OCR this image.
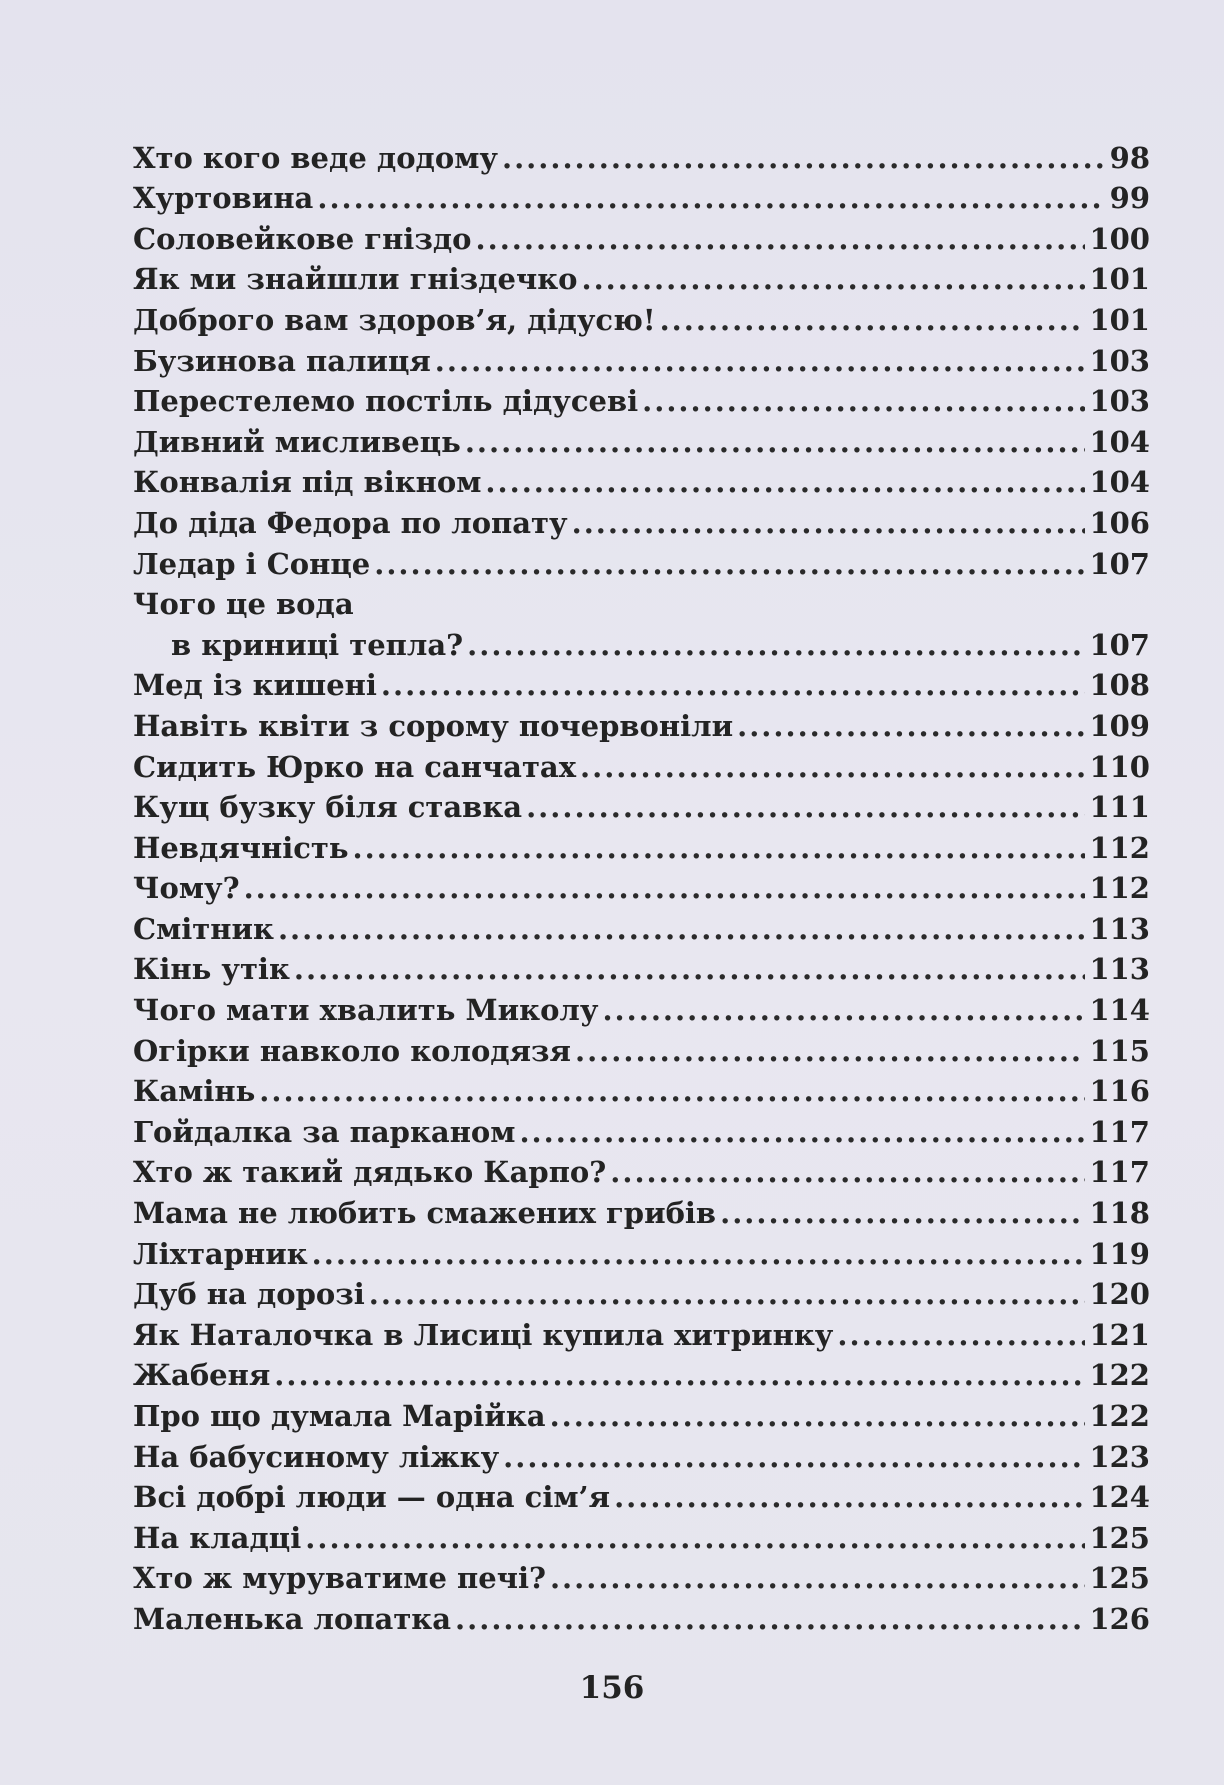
Хто кого веде додому .....	98
Хуртовина .....	99
Соловейкове гніздо .....	100
Як ми знайшли гніздечко .....	101
Доброго вам здоров’я, дідусю! .....	101
Бузинова палиця .....	103
Перестелемо постіль дідусеві .....	103
Дивний мисливець .....	104
Конвалія під вікном .....	104
До діда Федора по лопату .....	106
Ледар і Сонце .....	107
Чого це вода
в криниці тепла? .....	107
Мед із кишені .....	108
Навіть квіти з сорому почервоніли .....	109
Сидить Юрко на санчатах .....	110
Кущ бузку біля ставка .....	111
Невдячність .....	112
Чому? .....	112
Смітник .....	113
Кінь утік .....	113
Чого мати хвалить Миколу .....	114
Огірки навколо колодязя .....	115
Камінь .....	116
Гойдалка за парканом .....	117
Хто ж такий дядько Карпо? .....	117
Мама не любить смажених грибів .....	118
Ліхтарник .....	119
Дуб на дорозі .....	120
Як Наталочка в Лисиці купила хитринку .....	121
Жабеня .....	122
Про що думала Марійка .....	122
На бабусиному ліжку .....	123
Всі добрі люди — одна сім’я .....	124
На кладці .....	125
Хто ж муруватиме печі? .....	125
Маленька лопатка .....	126
156
